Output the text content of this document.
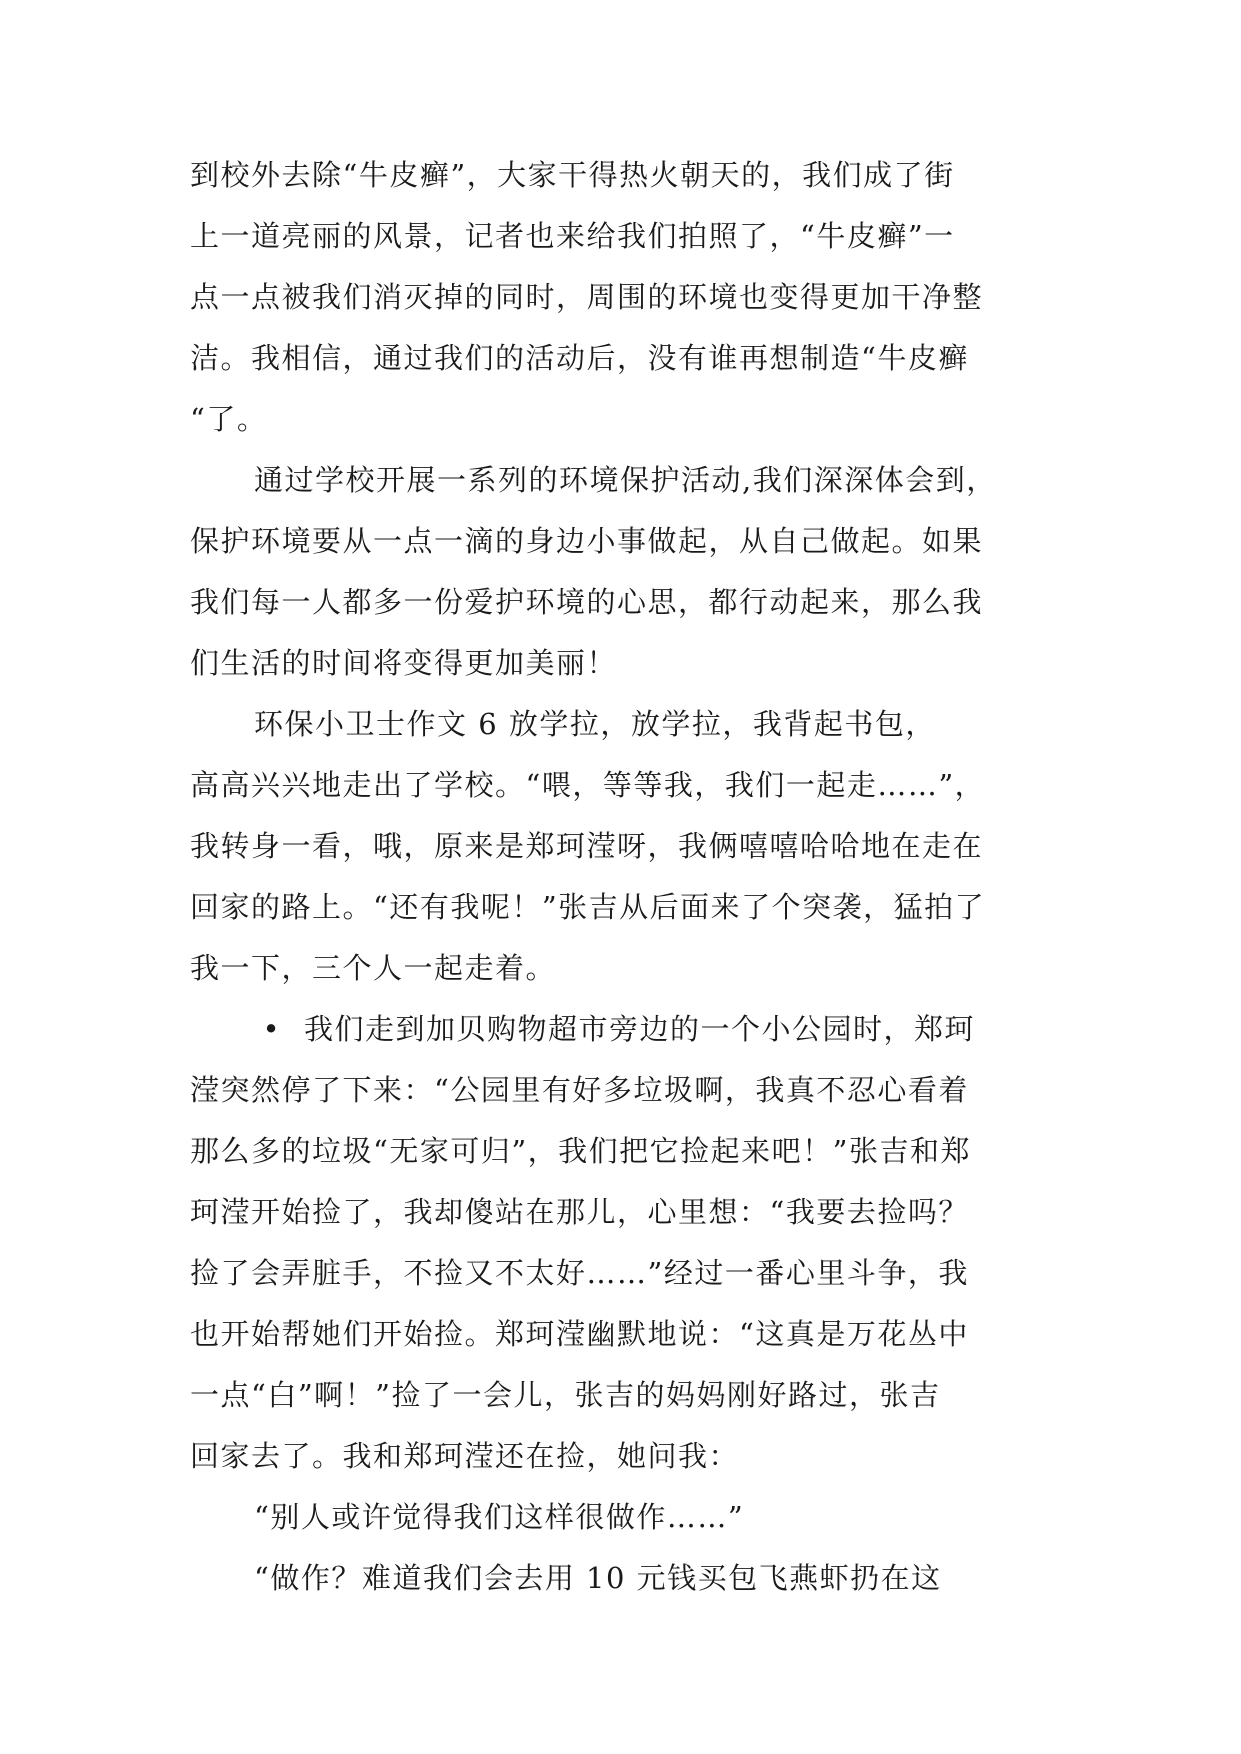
到校外去除“牛皮癣”，大家干得热火朝天的，我们成了街
上一道亮丽的风景，记者也来给我们拍照了，“牛皮癣”一
点一点被我们消灭掉的同时，周围的环境也变得更加干净整
洁。我相信，通过我们的活动后，没有谁再想制造“牛皮癣
“了。
通过学校开展一系列的环境保护活动,我们深深体会到，
保护环境要从一点一滴的身边小事做起，从自己做起。如果
我们每一人都多一份爱护环境的心思，都行动起来，那么我
们生活的时间将变得更加美丽！
环保小卫士作文 6 放学拉，放学拉，我背起书包，
高高兴兴地走出了学校。“喂，等等我，我们一起走……”，
我转身一看，哦，原来是郑珂滢呀，我俩嘻嘻哈哈地在走在
回家的路上。“还有我呢！”张吉从后面来了个突袭，猛拍了
我一下，三个人一起走着。
• 我们走到加贝购物超市旁边的一个小公园时，郑珂
滢突然停了下来：“公园里有好多垃圾啊，我真不忍心看着
那么多的垃圾“无家可归”，我们把它捡起来吧！”张吉和郑
珂滢开始捡了，我却傻站在那儿，心里想：“我要去捡吗？
捡了会弄脏手，不捡又不太好……”经过一番心里斗争，我
也开始帮她们开始捡。郑珂滢幽默地说：“这真是万花丛中
一点“白”啊！”捡了一会儿，张吉的妈妈刚好路过，张吉
回家去了。我和郑珂滢还在捡，她问我：
“别人或许觉得我们这样很做作……”
“做作？难道我们会去用 10 元钱买包飞燕虾扔在这
